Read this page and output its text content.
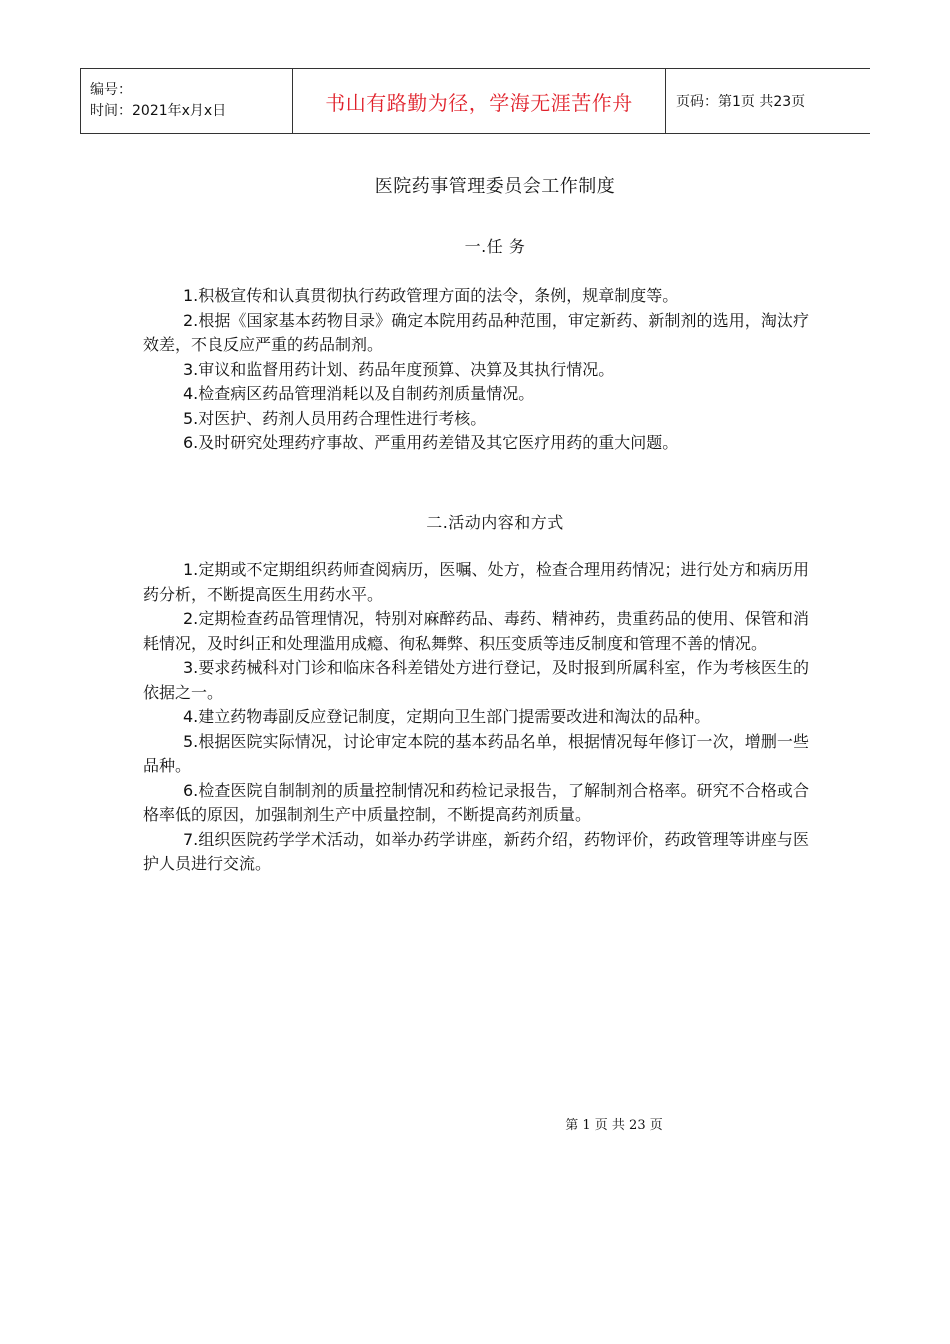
编号：
时间：2021年x月x日	书山有路勤为径，学海无涯苦作舟	页码：第1页 共23页
医院药事管理委员会工作制度
一.任 务

1.积极宣传和认真贯彻执行药政管理方面的法令，条例，规章制度等。

2.根据《国家基本药物目录》确定本院用药品种范围，审定新药、新制剂的选用，淘汰疗效差，不良反应严重的药品制剂。

3.审议和监督用药计划、药品年度预算、决算及其执行情况。

4.检查病区药品管理消耗以及自制药剂质量情况。

5.对医护、药剂人员用药合理性进行考核。

6.及时研究处理药疗事故、严重用药差错及其它医疗用药的重大问题。

二.活动内容和方式

1.定期或不定期组织药师查阅病历，医嘱、处方，检查合理用药情况；进行处方和病历用药分析，不断提高医生用药水平。

2.定期检查药品管理情况，特别对麻醉药品、毒药、精神药，贵重药品的使用、保管和消耗情况，及时纠正和处理滥用成瘾、徇私舞弊、积压变质等违反制度和管理不善的情况。

3.要求药械科对门诊和临床各科差错处方进行登记，及时报到所属科室，作为考核医生的依据之一。

4.建立药物毒副反应登记制度，定期向卫生部门提需要改进和淘汰的品种。

5.根据医院实际情况，讨论审定本院的基本药品名单，根据情况每年修订一次，增删一些品种。

6.检查医院自制制剂的质量控制情况和药检记录报告，了解制剂合格率。研究不合格或合格率低的原因，加强制剂生产中质量控制，不断提高药剂质量。

7.组织医院药学学术活动，如举办药学讲座，新药介绍，药物评价，药政管理等讲座与医护人员进行交流。

第 1 页 共 23 页
